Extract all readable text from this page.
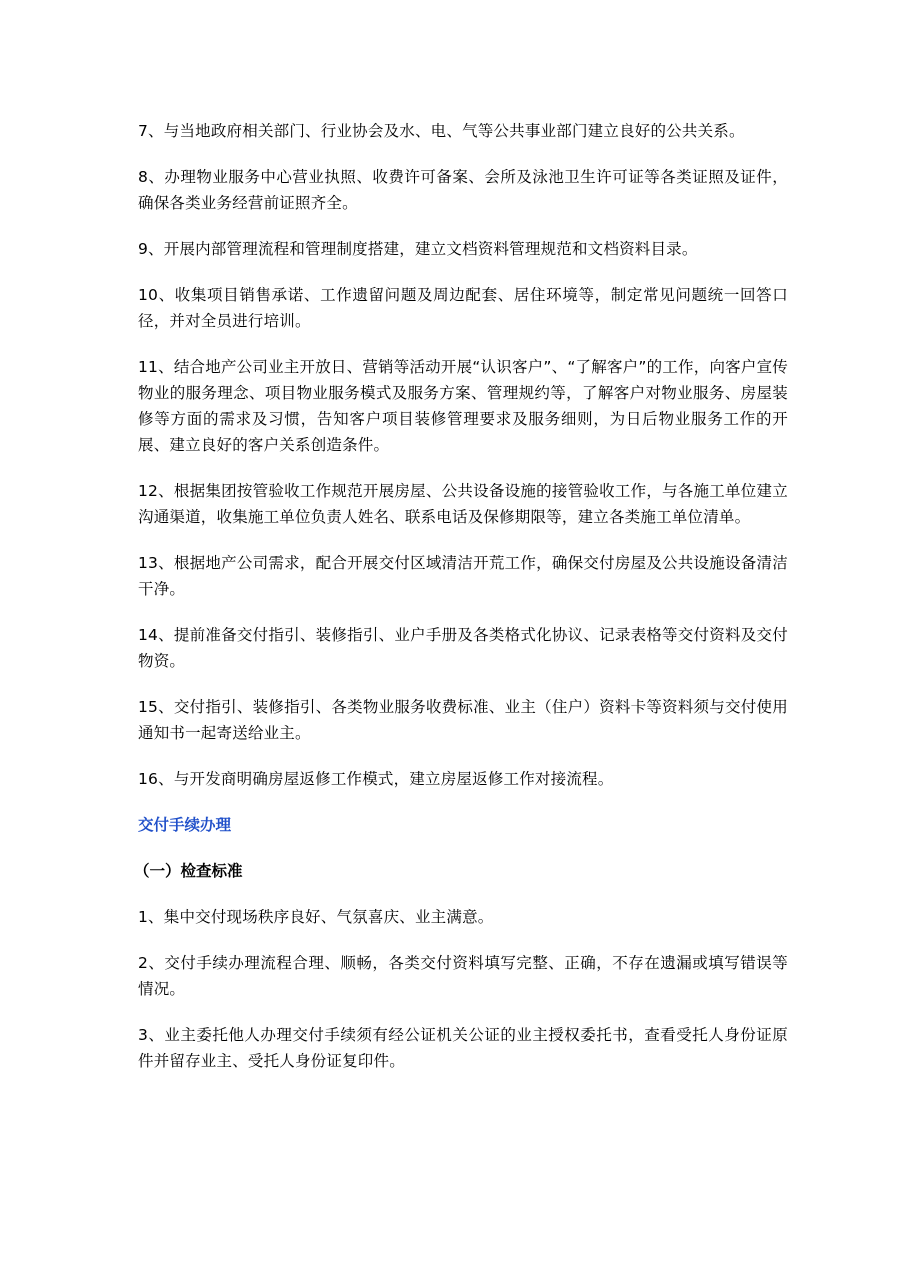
7、与当地政府相关部门、行业协会及水、电、气等公共事业部门建立良好的公共关系。

8、办理物业服务中心营业执照、收费许可备案、会所及泳池卫生许可证等各类证照及证件，确保各类业务经营前证照齐全。

9、开展内部管理流程和管理制度搭建，建立文档资料管理规范和文档资料目录。

10、收集项目销售承诺、工作遗留问题及周边配套、居住环境等，制定常见问题统一回答口径，并对全员进行培训。

11、结合地产公司业主开放日、营销等活动开展“认识客户”、“了解客户”的工作，向客户宣传物业的服务理念、项目物业服务模式及服务方案、管理规约等，了解客户对物业服务、房屋装修等方面的需求及习惯，告知客户项目装修管理要求及服务细则，为日后物业服务工作的开展、建立良好的客户关系创造条件。

12、根据集团按管验收工作规范开展房屋、公共设备设施的接管验收工作，与各施工单位建立沟通渠道，收集施工单位负责人姓名、联系电话及保修期限等，建立各类施工单位清单。

13、根据地产公司需求，配合开展交付区域清洁开荒工作，确保交付房屋及公共设施设备清洁干净。

14、提前准备交付指引、装修指引、业户手册及各类格式化协议、记录表格等交付资料及交付物资。

15、交付指引、装修指引、各类物业服务收费标准、业主（住户）资料卡等资料须与交付使用通知书一起寄送给业主。

16、与开发商明确房屋返修工作模式，建立房屋返修工作对接流程。

交付手续办理
（一）检查标准

1、集中交付现场秩序良好、气氛喜庆、业主满意。

2、交付手续办理流程合理、顺畅，各类交付资料填写完整、正确，不存在遗漏或填写错误等情况。

3、业主委托他人办理交付手续须有经公证机关公证的业主授权委托书，查看受托人身份证原件并留存业主、受托人身份证复印件。
